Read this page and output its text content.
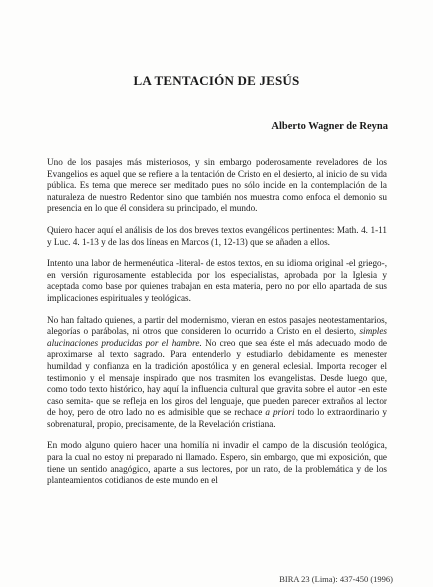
LA TENTACIÓN DE JESÚS

Alberto Wagner de Reyna

Uno de los pasajes más misteriosos, y sin embargo poderosamente reveladores de los Evangelios es aquel que se refiere a la tentación de Cristo en el desierto, al inicio de su vida pública. Es tema que merece ser meditado pues no sólo incide en la contemplación de la naturaleza de nuestro Redentor sino que también nos muestra como enfoca el demonio su presencia en lo que él considera su principado, el mundo.

Quiero hacer aquí el análisis de los dos breves textos evangélicos pertinentes: Math. 4. 1-11 y Luc. 4. 1-13 y de las dos líneas en Marcos (1, 12-13) que se añaden a ellos.

Intento una labor de hermenéutica -literal- de estos textos, en su idioma original -el griego-, en versión rigurosamente establecida por los especialistas, aprobada por la Iglesia y aceptada como base por quienes trabajan en esta materia, pero no por ello apartada de sus implicaciones espirituales y teológicas.

No han faltado quienes, a partir del modernismo, vieran en estos pasajes neotestamentarios, alegorías o parábolas, ni otros que consideren lo ocurrido a Cristo en el desierto, simples alucinaciones producidas por el hambre. No creo que sea éste el más adecuado modo de aproximarse al texto sagrado. Para entenderlo y estudiarlo debidamente es menester humildad y confianza en la tradición apostólica y en general eclesial. Importa recoger el testimonio y el mensaje inspirado que nos trasmiten los evangelistas. Desde luego que, como todo texto histórico, hay aquí la influencia cultural que gravita sobre el autor -en este caso semita- que se refleja en los giros del lenguaje, que pueden parecer extraños al lector de hoy, pero de otro lado no es admisible que se rechace a priori todo lo extraordinario y sobrenatural, propio, precisamente, de la Revelación cristiana.

En modo alguno quiero hacer una homilía ni invadir el campo de la discusión teológica, para la cual no estoy ni preparado ni llamado. Espero, sin embargo, que mi exposición, que tiene un sentido anagógico, aparte a sus lectores, por un rato, de la problemática y de los planteamientos cotidianos de este mundo en el

BIRA 23 (Lima): 437-450 (1996)
